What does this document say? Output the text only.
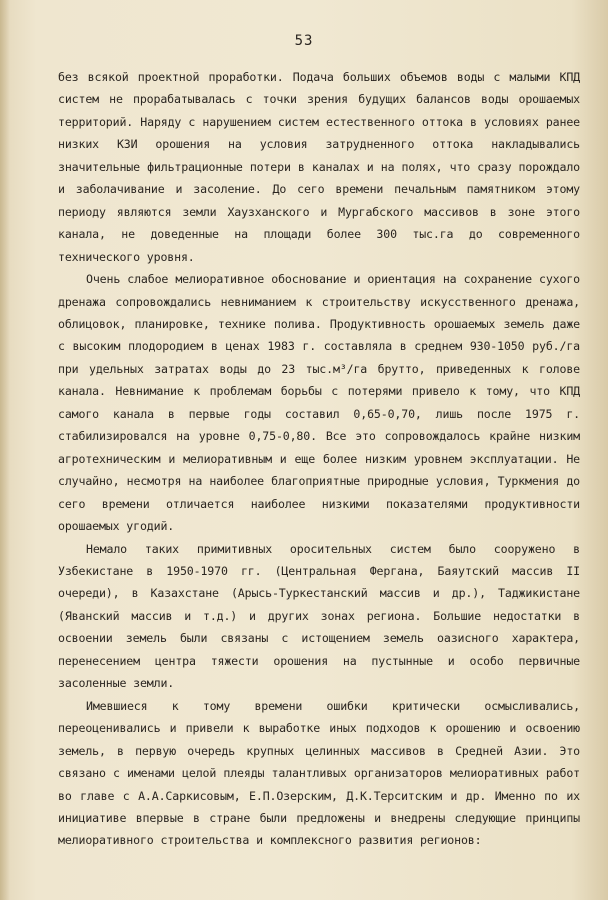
53

без всякой проектной проработки. Подача больших объемов воды с малыми КПД систем не прорабатывалась с точки зрения будущих балансов воды орошаемых территорий. Наряду с нарушением систем естественного оттока в условиях ранее низких КЗИ орошения на условия затрудненного оттока накладывались значительные фильтрационные потери в каналах и на полях, что сразу порождало и заболачивание и засоление. До сего времени печальным памятником этому периоду являются земли Хаузханского и Мургабского массивов в зоне этого канала, не доведенные на площади более 300 тыс.га до современного технического уровня.

Очень слабое мелиоративное обоснование и ориентация на сохранение сухого дренажа сопровождались невниманием к строительству искусственного дренажа, облицовок, планировке, технике полива. Продуктивность орошаемых земель даже с высоким плодородием в ценах 1983 г. составляла в среднем 930-1050 руб./га при удельных затратах воды до 23 тыс.м³/га брутто, приведенных к голове канала. Невнимание к проблемам борьбы с потерями привело к тому, что КПД самого канала в первые годы составил 0,65-0,70, лишь после 1975 г. стабилизировался на уровне 0,75-0,80. Все это сопровождалось крайне низким агротехническим и мелиоративным и еще более низким уровнем эксплуатации. Не случайно, несмотря на наиболее благоприятные природные условия, Туркмения до сего времени отличается наиболее низкими показателями продуктивности орошаемых угодий.

Немало таких примитивных оросительных систем было сооружено в Узбекистане в 1950-1970 гг. (Центральная Фергана, Баяутский массив II очереди), в Казахстане (Арысь-Туркестанский массив и др.), Таджикистане (Яванский массив и т.д.) и других зонах региона. Большие недостатки в освоении земель были связаны с истощением земель оазисного характера, перенесением центра тяжести орошения на пустынные и особо первичные засоленные земли.

Имевшиеся к тому времени ошибки критически осмысливались, переоценивались и привели к выработке иных подходов к орошению и освоению земель, в первую очередь крупных целинных массивов в Средней Азии. Это связано с именами целой плеяды талантливых организаторов мелиоративных работ во главе с А.А.Саркисовым, Е.П.Озерским, Д.К.Терситским и др. Именно по их инициативе впервые в стране были предложены и внедрены следующие принципы мелиоративного строительства и комплексного развития регионов:
